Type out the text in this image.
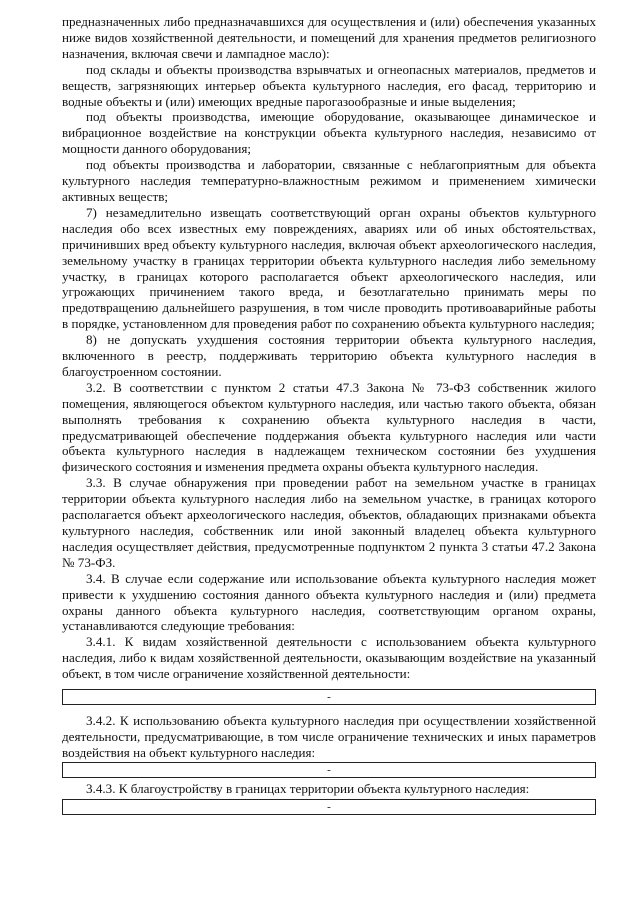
предназначенных либо предназначавшихся для осуществления и (или) обеспечения указанных ниже видов хозяйственной деятельности, и помещений для хранения предметов религиозного назначения, включая свечи и лампадное масло):

под склады и объекты производства взрывчатых и огнеопасных материалов, предметов и веществ, загрязняющих интерьер объекта культурного наследия, его фасад, территорию и водные объекты и (или) имеющих вредные парогазообразные и иные выделения;

под объекты производства, имеющие оборудование, оказывающее динамическое и вибрационное воздействие на конструкции объекта культурного наследия, независимо от мощности данного оборудования;

под объекты производства и лаборатории, связанные с неблагоприятным для объекта культурного наследия температурно-влажностным режимом и применением химически активных веществ;

7) незамедлительно извещать соответствующий орган охраны объектов культурного наследия обо всех известных ему повреждениях, авариях или об иных обстоятельствах, причинивших вред объекту культурного наследия, включая объект археологического наследия, земельному участку в границах территории объекта культурного наследия либо земельному участку, в границах которого располагается объект археологического наследия, или угрожающих причинением такого вреда, и безотлагательно принимать меры по предотвращению дальнейшего разрушения, в том числе проводить противоаварийные работы в порядке, установленном для проведения работ по сохранению объекта культурного наследия;

8) не допускать ухудшения состояния территории объекта культурного наследия, включенного в реестр, поддерживать территорию объекта культурного наследия в благоустроенном состоянии.

3.2. В соответствии с пунктом 2 статьи 47.3 Закона № 73-ФЗ собственник жилого помещения, являющегося объектом культурного наследия, или частью такого объекта, обязан выполнять требования к сохранению объекта культурного наследия в части, предусматривающей обеспечение поддержания объекта культурного наследия или части объекта культурного наследия в надлежащем техническом состоянии без ухудшения физического состояния и изменения предмета охраны объекта культурного наследия.

3.3. В случае обнаружения при проведении работ на земельном участке в границах территории объекта культурного наследия либо на земельном участке, в границах которого располагается объект археологического наследия, объектов, обладающих признаками объекта культурного наследия, собственник или иной законный владелец объекта культурного наследия осуществляет действия, предусмотренные подпунктом 2 пункта 3 статьи 47.2 Закона № 73-ФЗ.

3.4. В случае если содержание или использование объекта культурного наследия может привести к ухудшению состояния данного объекта культурного наследия и (или) предмета охраны данного объекта культурного наследия, соответствующим органом охраны, устанавливаются следующие требования:

3.4.1. К видам хозяйственной деятельности с использованием объекта культурного наследия, либо к видам хозяйственной деятельности, оказывающим воздействие на указанный объект, в том числе ограничение хозяйственной деятельности:

-

3.4.2. К использованию объекта культурного наследия при осуществлении хозяйственной деятельности, предусматривающие, в том числе ограничение технических и иных параметров воздействия на объект культурного наследия:

-

3.4.3. К благоустройству в границах территории объекта культурного наследия:

-
